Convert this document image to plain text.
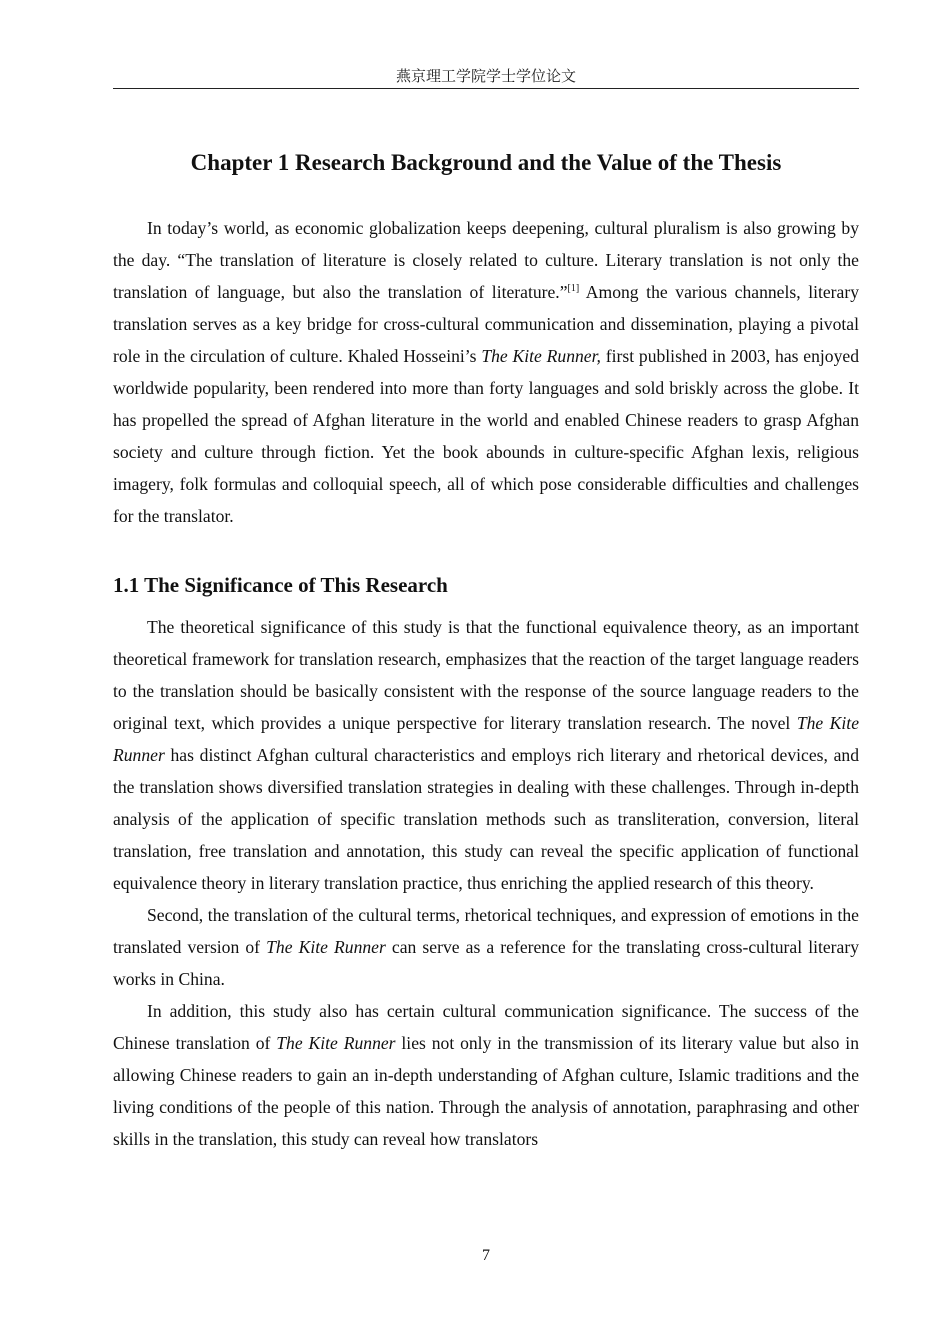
燕京理工学院学士学位论文
Chapter 1 Research Background and the Value of the Thesis

In today’s world, as economic globalization keeps deepening, cultural pluralism is also growing by the day. “The translation of literature is closely related to culture. Literary translation is not only the translation of language, but also the translation of literature.”[1] Among the various channels, literary translation serves as a key bridge for cross-cultural communication and dissemination, playing a pivotal role in the circulation of culture. Khaled Hosseini’s The Kite Runner, first published in 2003, has enjoyed worldwide popularity, been rendered into more than forty languages and sold briskly across the globe. It has propelled the spread of Afghan literature in the world and enabled Chinese readers to grasp Afghan society and culture through fiction. Yet the book abounds in culture-specific Afghan lexis, religious imagery, folk formulas and colloquial speech, all of which pose considerable difficulties and challenges for the translator.

1.1 The Significance of This Research

The theoretical significance of this study is that the functional equivalence theory, as an important theoretical framework for translation research, emphasizes that the reaction of the target language readers to the translation should be basically consistent with the response of the source language readers to the original text, which provides a unique perspective for literary translation research. The novel The Kite Runner has distinct Afghan cultural characteristics and employs rich literary and rhetorical devices, and the translation shows diversified translation strategies in dealing with these challenges. Through in-depth analysis of the application of specific translation methods such as transliteration, conversion, literal translation, free translation and annotation, this study can reveal the specific application of functional equivalence theory in literary translation practice, thus enriching the applied research of this theory.

Second, the translation of the cultural terms, rhetorical techniques, and expression of emotions in the translated version of The Kite Runner can serve as a reference for the translating cross-cultural literary works in China.

In addition, this study also has certain cultural communication significance. The success of the Chinese translation of The Kite Runner lies not only in the transmission of its literary value but also in allowing Chinese readers to gain an in-depth understanding of Afghan culture, Islamic traditions and the living conditions of the people of this nation. Through the analysis of annotation, paraphrasing and other skills in the translation, this study can reveal how translators

7
